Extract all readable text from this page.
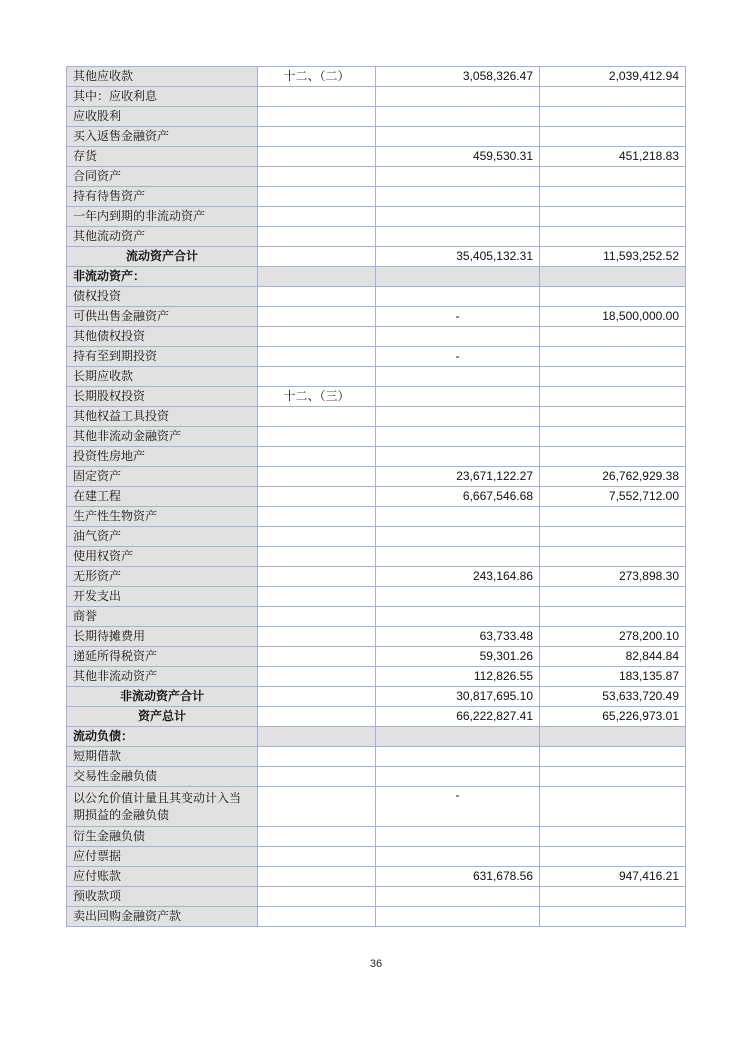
其他应收款	十二、（二）	3,058,326.47	2,039,412.94
其中：应收利息			
应收股利			
买入返售金融资产			
存货		459,530.31	451,218.83
合同资产			
持有待售资产			
一年内到期的非流动资产			
其他流动资产			
流动资产合计		35,405,132.31	11,593,252.52
非流动资产：			
债权投资			
可供出售金融资产		-	18,500,000.00
其他债权投资			
持有至到期投资		-	
长期应收款			
长期股权投资	十二、（三）		
其他权益工具投资			
其他非流动金融资产			
投资性房地产			
固定资产		23,671,122.27	26,762,929.38
在建工程		6,667,546.68	7,552,712.00
生产性生物资产			
油气资产			
使用权资产			
无形资产		243,164.86	273,898.30
开发支出			
商誉			
长期待摊费用		63,733.48	278,200.10
递延所得税资产		59,301.26	82,844.84
其他非流动资产		112,826.55	183,135.87
非流动资产合计		30,817,695.10	53,633,720.49
资产总计		66,222,827.41	65,226,973.01
流动负债：			
短期借款			
交易性金融负债			
以公允价值计量且其变动计入当期损益的金融负债		-	
衍生金融负债			
应付票据			
应付账款		631,678.56	947,416.21
预收款项			
卖出回购金融资产款			
36
